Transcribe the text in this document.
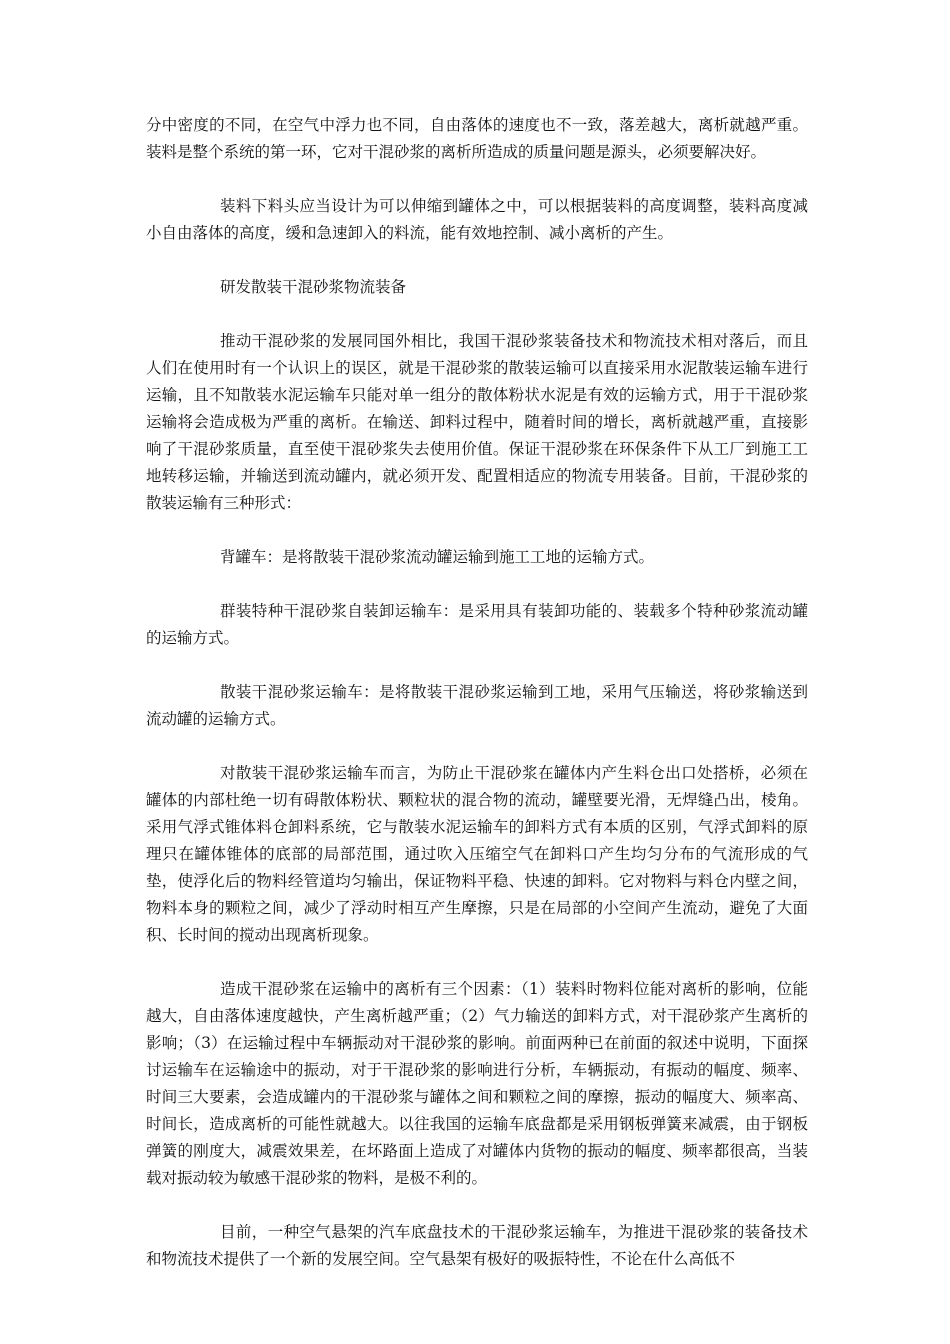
分中密度的不同，在空气中浮力也不同，自由落体的速度也不一致，落差越大，离析就越严重。装料是整个系统的第一环，它对干混砂浆的离析所造成的质量问题是源头，必须要解决好。

装料下料头应当设计为可以伸缩到罐体之中，可以根据装料的高度调整，装料高度减小自由落体的高度，缓和急速卸入的料流，能有效地控制、减小离析的产生。

研发散装干混砂浆物流装备

推动干混砂浆的发展同国外相比，我国干混砂浆装备技术和物流技术相对落后，而且人们在使用时有一个认识上的误区，就是干混砂浆的散装运输可以直接采用水泥散装运输车进行运输，且不知散装水泥运输车只能对单一组分的散体粉状水泥是有效的运输方式，用于干混砂浆运输将会造成极为严重的离析。在输送、卸料过程中，随着时间的增长，离析就越严重，直接影响了干混砂浆质量，直至使干混砂浆失去使用价值。保证干混砂浆在环保条件下从工厂到施工工地转移运输，并输送到流动罐内，就必须开发、配置相适应的物流专用装备。目前，干混砂浆的散装运输有三种形式：

背罐车：是将散装干混砂浆流动罐运输到施工工地的运输方式。

群装特种干混砂浆自装卸运输车：是采用具有装卸功能的、装载多个特种砂浆流动罐的运输方式。

散装干混砂浆运输车：是将散装干混砂浆运输到工地，采用气压输送，将砂浆输送到流动罐的运输方式。

对散装干混砂浆运输车而言，为防止干混砂浆在罐体内产生料仓出口处搭桥，必须在罐体的内部杜绝一切有碍散体粉状、颗粒状的混合物的流动，罐壁要光滑，无焊缝凸出，棱角。采用气浮式锥体料仓卸料系统，它与散装水泥运输车的卸料方式有本质的区别，气浮式卸料的原理只在罐体锥体的底部的局部范围，通过吹入压缩空气在卸料口产生均匀分布的气流形成的气垫，使浮化后的物料经管道均匀输出，保证物料平稳、快速的卸料。它对物料与料仓内壁之间，物料本身的颗粒之间，减少了浮动时相互产生摩擦，只是在局部的小空间产生流动，避免了大面积、长时间的搅动出现离析现象。

造成干混砂浆在运输中的离析有三个因素：（1）装料时物料位能对离析的影响，位能越大，自由落体速度越快，产生离析越严重；（2）气力输送的卸料方式，对干混砂浆产生离析的影响；（3）在运输过程中车辆振动对干混砂浆的影响。前面两种已在前面的叙述中说明，下面探讨运输车在运输途中的振动，对于干混砂浆的影响进行分析，车辆振动，有振动的幅度、频率、时间三大要素，会造成罐内的干混砂浆与罐体之间和颗粒之间的摩擦，振动的幅度大、频率高、时间长，造成离析的可能性就越大。以往我国的运输车底盘都是采用钢板弹簧来减震，由于钢板弹簧的刚度大，减震效果差，在坏路面上造成了对罐体内货物的振动的幅度、频率都很高，当装载对振动较为敏感干混砂浆的物料，是极不利的。

目前，一种空气悬架的汽车底盘技术的干混砂浆运输车，为推进干混砂浆的装备技术和物流技术提供了一个新的发展空间。空气悬架有极好的吸振特性，不论在什么高低不
